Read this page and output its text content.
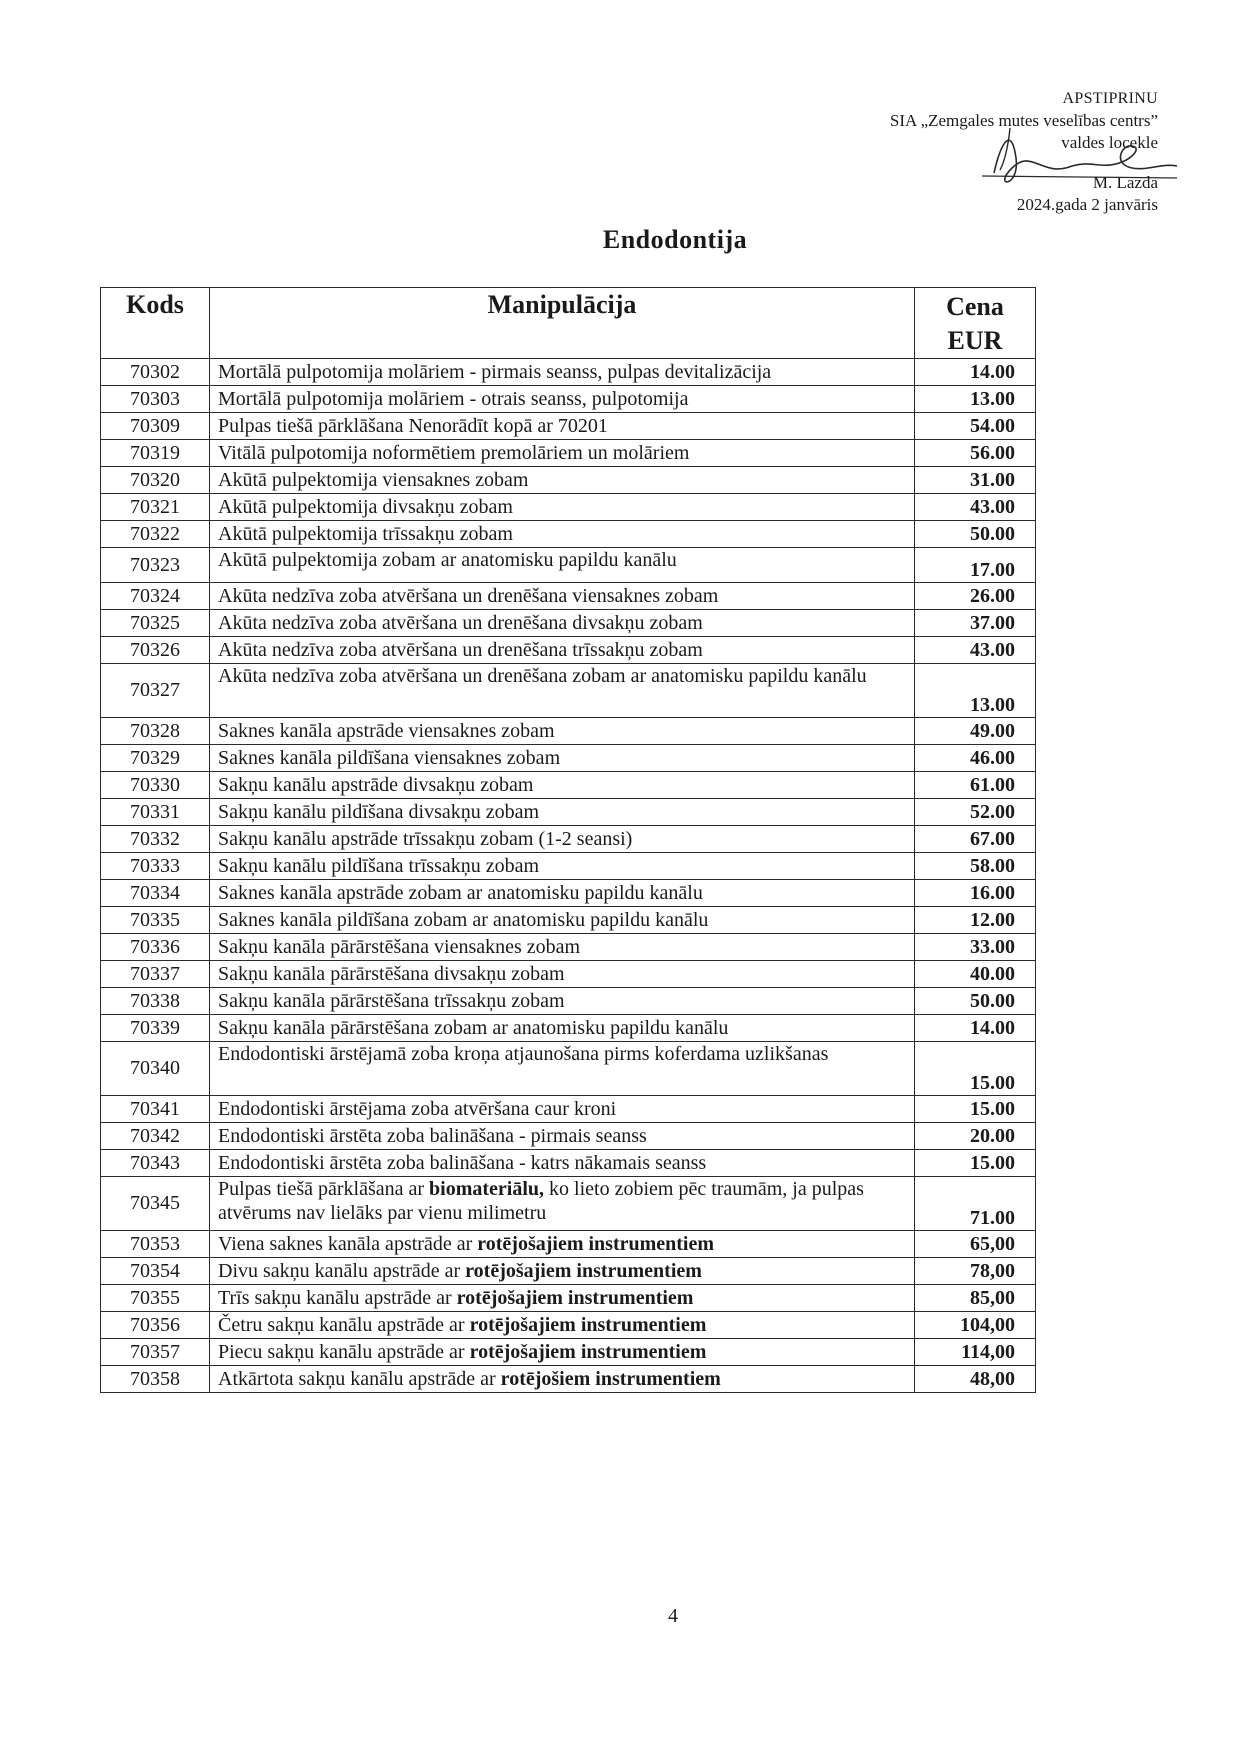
APSTIPRINU
SIA „Zemgales mutes veselības centrs”
valdes locekle
M. Lazda
2024.gada 2 janvāris
Endodontija
Kods	Manipulācija	Cena
EUR
70302	Mortālā pulpotomija molāriem - pirmais seanss, pulpas devitalizācija	14.00
70303	Mortālā pulpotomija molāriem - otrais seanss, pulpotomija	13.00
70309	Pulpas tiešā pārklāšana Nenorādīt kopā ar 70201	54.00
70319	Vitālā pulpotomija noformētiem premolāriem un molāriem	56.00
70320	Akūtā pulpektomija viensaknes zobam	31.00
70321	Akūtā pulpektomija divsakņu zobam	43.00
70322	Akūtā pulpektomija trīssakņu zobam	50.00
70323	Akūtā pulpektomija zobam ar anatomisku papildu kanālu	17.00
70324	Akūta nedzīva zoba atvēršana un drenēšana viensaknes zobam	26.00
70325	Akūta nedzīva zoba atvēršana un drenēšana divsakņu zobam	37.00
70326	Akūta nedzīva zoba atvēršana un drenēšana trīssakņu zobam	43.00
70327	Akūta nedzīva zoba atvēršana un drenēšana zobam ar anatomisku papildu kanālu	13.00
70328	Saknes kanāla apstrāde viensaknes zobam	49.00
70329	Saknes kanāla pildīšana viensaknes zobam	46.00
70330	Sakņu kanālu apstrāde divsakņu zobam	61.00
70331	Sakņu kanālu pildīšana divsakņu zobam	52.00
70332	Sakņu kanālu apstrāde trīssakņu zobam (1-2 seansi)	67.00
70333	Sakņu kanālu pildīšana trīssakņu zobam	58.00
70334	Saknes kanāla apstrāde zobam ar anatomisku papildu kanālu	16.00
70335	Saknes kanāla pildīšana zobam ar anatomisku papildu kanālu	12.00
70336	Sakņu kanāla pārārstēšana viensaknes zobam	33.00
70337	Sakņu kanāla pārārstēšana divsakņu zobam	40.00
70338	Sakņu kanāla pārārstēšana trīssakņu zobam	50.00
70339	Sakņu kanāla pārārstēšana zobam ar anatomisku papildu kanālu	14.00
70340	Endodontiski ārstējamā zoba kroņa atjaunošana pirms koferdama uzlikšanas	15.00
70341	Endodontiski ārstējama zoba atvēršana caur kroni	15.00
70342	Endodontiski ārstēta zoba balināšana - pirmais seanss	20.00
70343	Endodontiski ārstēta zoba balināšana - katrs nākamais seanss	15.00
70345	Pulpas tiešā pārklāšana ar biomateriālu, ko lieto zobiem pēc traumām, ja pulpas atvērums nav lielāks par vienu milimetru	71.00
70353	Viena saknes kanāla apstrāde ar rotējošajiem instrumentiem	65,00
70354	Divu sakņu kanālu apstrāde ar rotējošajiem instrumentiem	78,00
70355	Trīs sakņu kanālu apstrāde ar rotējošajiem instrumentiem	85,00
70356	Četru sakņu kanālu apstrāde ar rotējošajiem instrumentiem	104,00
70357	Piecu sakņu kanālu apstrāde ar rotējošajiem instrumentiem	114,00
70358	Atkārtota sakņu kanālu apstrāde ar rotējošiem instrumentiem	48,00
4
